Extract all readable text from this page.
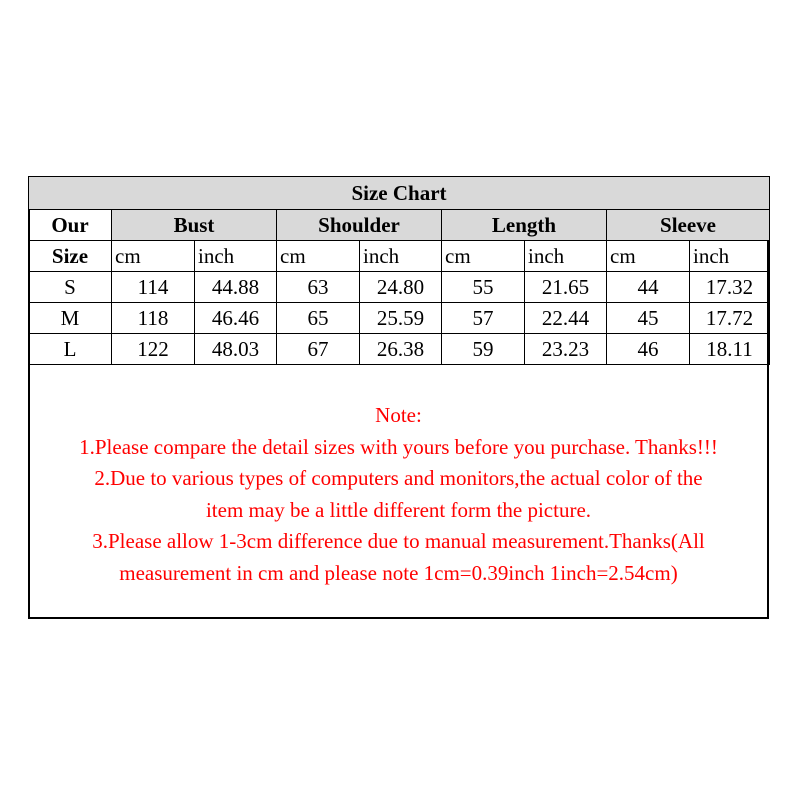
Size Chart								
Our	Bust		Shoulder		Length		Sleeve	
Size	cm	inch	cm	inch	cm	inch	cm	inch
S	114	44.88	63	24.80	55	21.65	44	17.32
M	118	46.46	65	25.59	57	22.44	45	17.72
L	122	48.03	67	26.38	59	23.23	46	18.11
Note:
1.Please compare the detail sizes with yours before you purchase. Thanks!!!
2.Due to various types of computers and monitors,the actual color of the
item may be a little different form the picture.
3.Please allow 1-3cm difference due to manual measurement.Thanks(All
measurement in cm and please note 1cm=0.39inch 1inch=2.54cm)
